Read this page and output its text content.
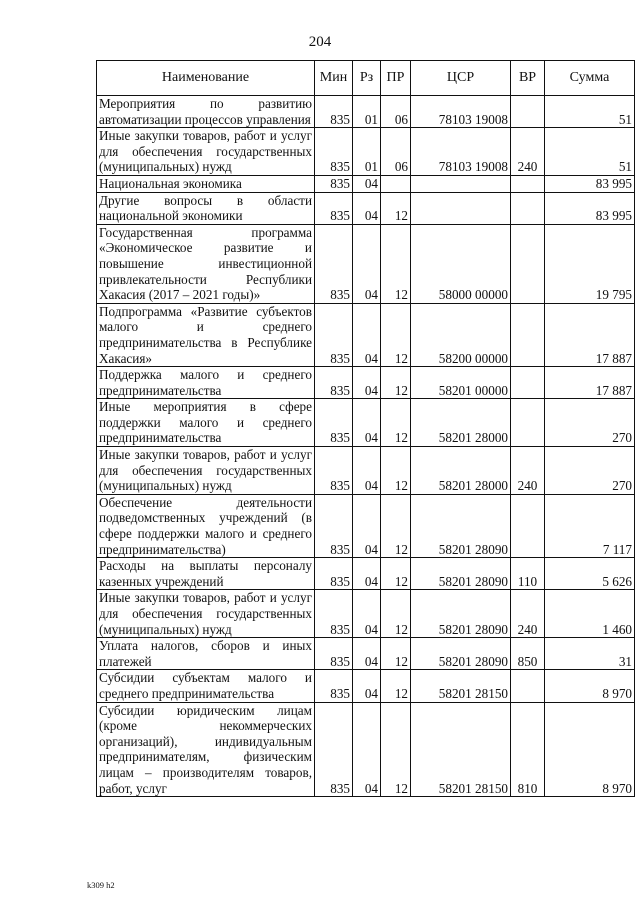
204
Наименование	Мин	Рз	ПР	ЦСР	ВР	Сумма
Мероприятия по развитию автоматизации процессов управления	835	01	06	78103 19008		51
Иные закупки товаров, работ и услуг для обеспечения государственных (муниципальных) нужд	835	01	06	78103 19008	240	51
Национальная экономика	835	04				83 995
Другие вопросы в области национальной экономики	835	04	12			83 995
Государственная программа «Экономическое развитие и повышение инвестиционной привлекательности Республики Хакасия (2017 – 2021 годы)»	835	04	12	58000 00000		19 795
Подпрограмма «Развитие субъектов малого и среднего предпринимательства в Республике Хакасия»	835	04	12	58200 00000		17 887
Поддержка малого и среднего предпринимательства	835	04	12	58201 00000		17 887
Иные мероприятия в сфере поддержки малого и среднего предпринимательства	835	04	12	58201 28000		270
Иные закупки товаров, работ и услуг для обеспечения государственных (муниципальных) нужд	835	04	12	58201 28000	240	270
Обеспечение деятельности подведомственных учреждений (в сфере поддержки малого и среднего предпринимательства)	835	04	12	58201 28090		7 117
Расходы на выплаты персоналу казенных учреждений	835	04	12	58201 28090	110	5 626
Иные закупки товаров, работ и услуг для обеспечения государственных (муниципальных) нужд	835	04	12	58201 28090	240	1 460
Уплата налогов, сборов и иных платежей	835	04	12	58201 28090	850	31
Субсидии субъектам малого и среднего предпринимательства	835	04	12	58201 28150		8 970
Субсидии юридическим лицам (кроме некоммерческих организаций), индивидуальным предпринимателям, физическим лицам – производителям товаров, работ, услуг	835	04	12	58201 28150	810	8 970
k309 h2
